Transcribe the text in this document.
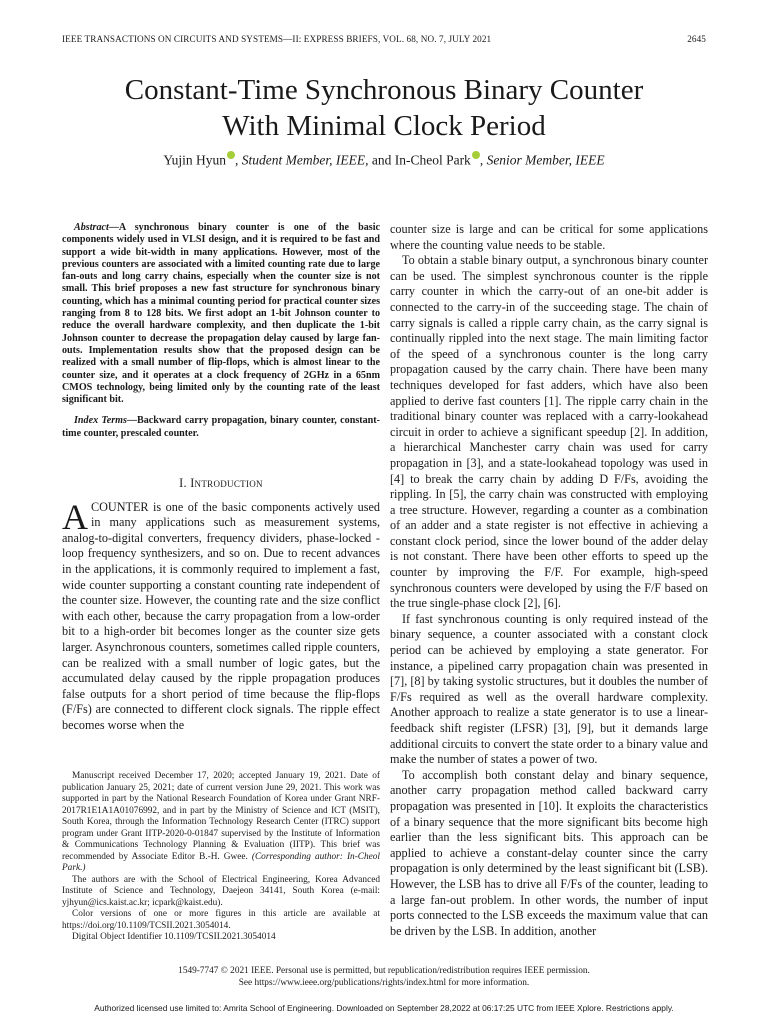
IEEE TRANSACTIONS ON CIRCUITS AND SYSTEMS—II: EXPRESS BRIEFS, VOL. 68, NO. 7, JULY 2021	2645
Constant-Time Synchronous Binary Counter
With Minimal Clock Period
Yujin Hyun , Student Member, IEEE, and In-Cheol Park , Senior Member, IEEE

Abstract—A synchronous binary counter is one of the basic components widely used in VLSI design, and it is required to be fast and support a wide bit-width in many applications. However, most of the previous counters are associated with a limited counting rate due to large fan-outs and long carry chains, especially when the counter size is not small. This brief proposes a new fast structure for synchronous binary counting, which has a minimal counting period for practical counter sizes ranging from 8 to 128 bits. We first adopt an 1-bit Johnson counter to reduce the overall hardware complexity, and then duplicate the 1-bit Johnson counter to decrease the propagation delay caused by large fan-outs. Implementation results show that the proposed design can be realized with a small number of flip-flops, which is almost linear to the counter size, and it operates at a clock frequency of 2GHz in a 65nm CMOS technology, being limited only by the counting rate of the least significant bit.

Index Terms—Backward carry propagation, binary counter, constant-time counter, prescaled counter.

I. Introduction

ACOUNTER is one of the basic components actively used in many applications such as measurement systems, analog-to-digital converters, frequency dividers, phase-locked -loop frequency synthesizers, and so on. Due to recent advances in the applications, it is commonly required to implement a fast, wide counter supporting a constant counting rate independent of the counter size. However, the counting rate and the size conflict with each other, because the carry propagation from a low-order bit to a high-order bit becomes longer as the counter size gets larger. Asynchronous counters, sometimes called ripple counters, can be realized with a small number of logic gates, but the accumulated delay caused by the ripple propagation produces false outputs for a short period of time because the flip-flops (F/Fs) are connected to different clock signals. The ripple effect becomes worse when the

Manuscript received December 17, 2020; accepted January 19, 2021. Date of publication January 25, 2021; date of current version June 29, 2021. This work was supported in part by the National Research Foundation of Korea under Grant NRF-2017R1E1A1A01076992, and in part by the Ministry of Science and ICT (MSIT), South Korea, through the Information Technology Research Center (ITRC) support program under Grant IITP-2020-0-01847 supervised by the Institute of Information & Communications Technology Planning & Evaluation (IITP). This brief was recommended by Associate Editor B.-H. Gwee. (Corresponding author: In-Cheol Park.)

The authors are with the School of Electrical Engineering, Korea Advanced Institute of Science and Technology, Daejeon 34141, South Korea (e-mail: yjhyun@ics.kaist.ac.kr; icpark@kaist.edu).

Color versions of one or more figures in this article are available at https://doi.org/10.1109/TCSII.2021.3054014.

Digital Object Identifier 10.1109/TCSII.2021.3054014

counter size is large and can be critical for some applications where the counting value needs to be stable.

To obtain a stable binary output, a synchronous binary counter can be used. The simplest synchronous counter is the ripple carry counter in which the carry-out of an one-bit adder is connected to the carry-in of the succeeding stage. The chain of carry signals is called a ripple carry chain, as the carry signal is continually rippled into the next stage. The main limiting factor of the speed of a synchronous counter is the long carry propagation caused by the carry chain. There have been many techniques developed for fast adders, which have also been applied to derive fast counters [1]. The ripple carry chain in the traditional binary counter was replaced with a carry-lookahead circuit in order to achieve a significant speedup [2]. In addition, a hierarchical Manchester carry chain was used for carry propagation in [3], and a state-lookahead topology was used in [4] to break the carry chain by adding D F/Fs, avoiding the rippling. In [5], the carry chain was constructed with employing a tree structure. However, regarding a counter as a combination of an adder and a state register is not effective in achieving a constant clock period, since the lower bound of the adder delay is not constant. There have been other efforts to speed up the counter by improving the F/F. For example, high-speed synchronous counters were developed by using the F/F based on the true single-phase clock [2], [6].

If fast synchronous counting is only required instead of the binary sequence, a counter associated with a constant clock period can be achieved by employing a state generator. For instance, a pipelined carry propagation chain was presented in [7], [8] by taking systolic structures, but it doubles the number of F/Fs required as well as the overall hardware complexity. Another approach to realize a state generator is to use a linear-feedback shift register (LFSR) [3], [9], but it demands large additional circuits to convert the state order to a binary value and make the number of states a power of two.

To accomplish both constant delay and binary sequence, another carry propagation method called backward carry propagation was presented in [10]. It exploits the characteristics of a binary sequence that the more significant bits become high earlier than the less significant bits. This approach can be applied to achieve a constant-delay counter since the carry propagation is only determined by the least significant bit (LSB). However, the LSB has to drive all F/Fs of the counter, leading to a large fan-out problem. In other words, the number of input ports connected to the LSB exceeds the maximum value that can be driven by the LSB. In addition, another

1549-7747 © 2021 IEEE. Personal use is permitted, but republication/redistribution requires IEEE permission.
See https://www.ieee.org/publications/rights/index.html for more information.
Authorized licensed use limited to: Amrita School of Engineering. Downloaded on September 28,2022 at 06:17:25 UTC from IEEE Xplore. Restrictions apply.
